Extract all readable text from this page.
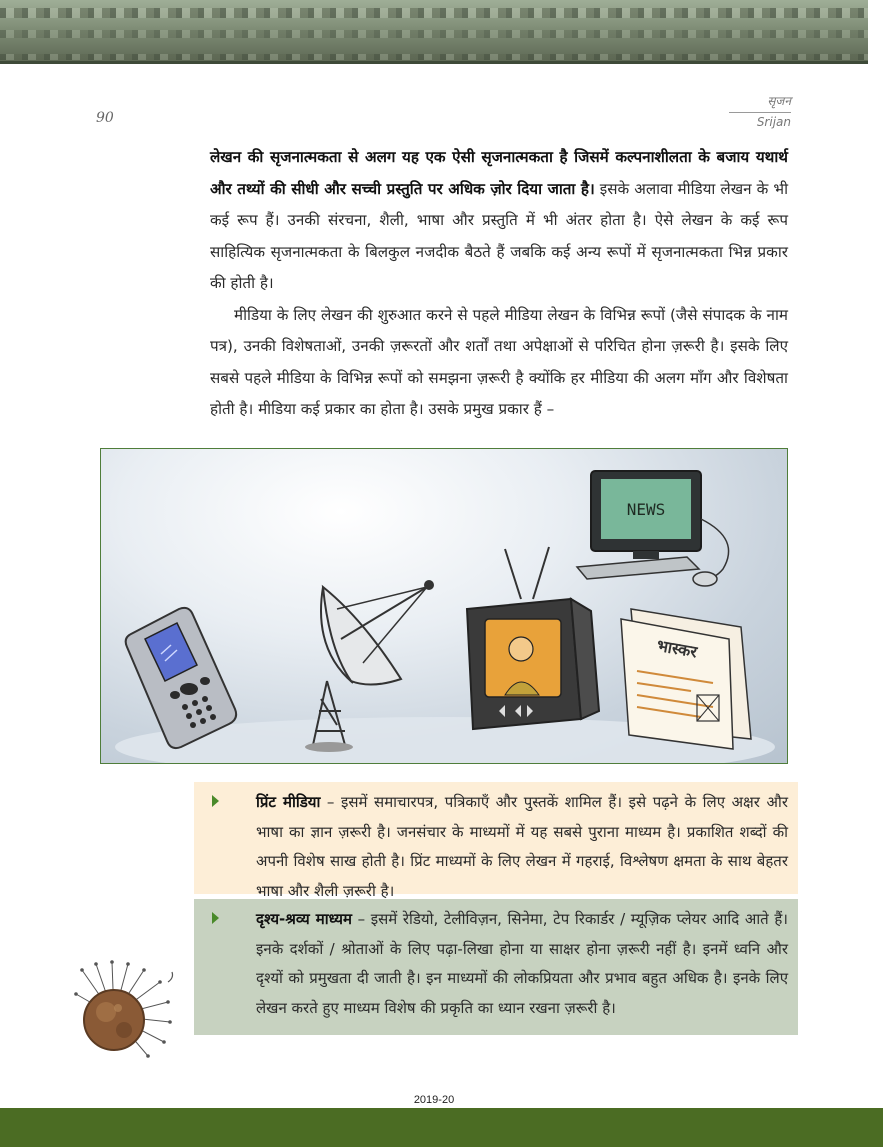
90
सृजन
Srijan

लेखन की सृजनात्मकता से अलग यह एक ऐसी सृजनात्मकता है जिसमें कल्पनाशीलता के बजाय यथार्थ और तथ्यों की सीधी और सच्ची प्रस्तुति पर अधिक ज़ोर दिया जाता है। इसके अलावा मीडिया लेखन के भी कई रूप हैं। उनकी संरचना, शैली, भाषा और प्रस्तुति में भी अंतर होता है। ऐसे लेखन के कई रूप साहित्यिक सृजनात्मकता के बिलकुल नजदीक बैठते हैं जबकि कई अन्य रूपों में सृजनात्मकता भिन्न प्रकार की होती है।

मीडिया के लिए लेखन की शुरुआत करने से पहले मीडिया लेखन के विभिन्न रूपों (जैसे संपादक के नाम पत्र), उनकी विशेषताओं, उनकी ज़रूरतों और शर्तों तथा अपेक्षाओं से परिचित होना ज़रूरी है। इसके लिए सबसे पहले मीडिया के विभिन्न रूपों को समझना ज़रूरी है क्योंकि हर मीडिया की अलग माँग और विशेषता होती है। मीडिया कई प्रकार का होता है। उसके प्रमुख प्रकार हैं –

NEWS
भास्कर
प्रिंट मीडिया – इसमें समाचारपत्र, पत्रिकाएँ और पुस्तकें शामिल हैं। इसे पढ़ने के लिए अक्षर और भाषा का ज्ञान ज़रूरी है। जनसंचार के माध्यमों में यह सबसे पुराना माध्यम है। प्रकाशित शब्दों की अपनी विशेष साख होती है। प्रिंट माध्यमों के लिए लेखन में गहराई, विश्लेषण क्षमता के साथ बेहतर भाषा और शैली ज़रूरी है।
दृश्य-श्रव्य माध्यम – इसमें रेडियो, टेलीविज़न, सिनेमा, टेप रिकार्डर / म्यूज़िक प्लेयर आदि आते हैं। इनके दर्शकों / श्रोताओं के लिए पढ़ा-लिखा होना या साक्षर होना ज़रूरी नहीं है। इनमें ध्वनि और दृश्यों को प्रमुखता दी जाती है। इन माध्यमों की लोकप्रियता और प्रभाव बहुत अधिक है। इनके लिए लेखन करते हुए माध्यम विशेष की प्रकृति का ध्यान रखना ज़रूरी है।
2019-20
